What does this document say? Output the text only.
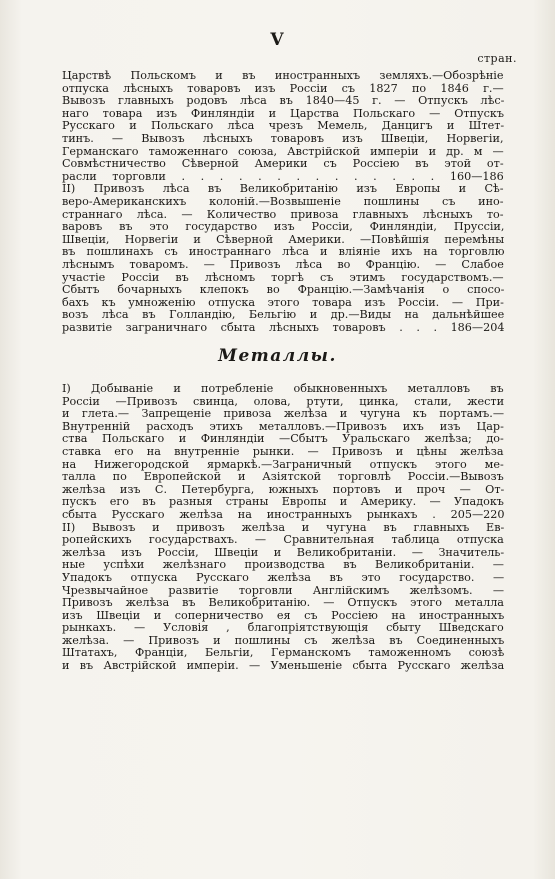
V
стран.
Царствѣ Польскомъ и въ иностранныхъ земляхъ.—Обозрѣніе
отпуска лѣсныхъ товаровъ изъ Россіи съ 1827 по 1846 г.—
Вывозъ главныхъ родовъ лѣса въ 1840—45 г. — Отпускъ лѣс-
наго товара изъ Финляндіи и Царства Польскаго — Отпускъ
Русскаго и Польскаго лѣса чрезъ Мемель, Данцигъ и Штет-
тинъ. — Вывозъ лѣсныхъ товаровъ изъ Швеціи, Норвегіи,
Германскаго таможеннаго союза, Австрійской имперіи и др. м —
Совмѣстничество Сѣверной Америки съ Россіею въ этой от-
расли торговли . . . . . . . . . . . . . . 160—186
II) Привозъ лѣса въ Великобританію изъ Европы и Сѣ-
веро-Американскихъ колоній.—Возвышеніе пошлины съ ино-
страннаго лѣса. — Количество привоза главныхъ лѣсныхъ то-
варовъ въ это государство изъ Россіи, Финляндіи, Пруссіи,
Швеціи, Норвегіи и Сѣверной Америки. —Повѣйшія перемѣны
въ пошлинахъ съ иностраннаго лѣса и вліяніе ихъ на торговлю
лѣснымъ товаромъ. — Привозъ лѣса во Францію. — Слабое
участіе Россіи въ лѣсномъ торгѣ съ этимъ государствомъ.—
Сбытъ бочарныхъ клепокъ во Францію.—Замѣчанія о спосо-
бахъ къ умноженію отпуска этого товара изъ Россіи. — При-
возъ лѣса въ Голландію, Бельгію и др.—Виды на дальнѣйшее
развитіе заграничнаго сбыта лѣсныхъ товаровъ . . . 186—204
Металлы.
I) Добываніе и потребленіе обыкновенныхъ металловъ въ
Россіи —Привозъ свинца, олова, ртути, цинка, стали, жести
и глета.— Запрещеніе привоза желѣза и чугуна къ портамъ.—
Внутренній расходъ этихъ металловъ.—Привозъ ихъ изъ Цар-
ства Польскаго и Финляндіи —Сбытъ Уральскаго желѣза; до-
ставка его на внутренніе рынки. — Привозъ и цѣны желѣза
на Нижегородской ярмаркѣ.—Заграничный отпускъ этого ме-
талла по Европейской и Азіятской торговлѣ Россіи.—Вывозъ
желѣза изъ С. Петербурга, южныхъ портовъ и проч — От-
пускъ его въ разныя страны Европы и Америку. — Упадокъ
сбыта Русскаго желѣза на иностранныхъ рынкахъ . 205—220
II) Вывозъ и привозъ желѣза и чугуна въ главныхъ Ев-
ропейскихъ государствахъ. — Сравнительная таблица отпуска
желѣза изъ Россіи, Швеціи и Великобританіи. — Значитель-
ные успѣхи желѣзнаго производства въ Великобританіи. —
Упадокъ отпуска Русскаго желѣза въ это государство. —
Чрезвычайное развитіе торговли Англійскимъ желѣзомъ. —
Привозъ желѣза въ Великобританію. — Отпускъ этого металла
изъ Швеціи и соперничество ея съ Россіею на иностранныхъ
рынкахъ. — Условія , благопріятствующія сбыту Шведскаго
желѣза. — Привозъ и пошлины съ желѣза въ Соединенныхъ
Штатахъ, Франціи, Бельгіи, Германскомъ таможенномъ союзѣ
и въ Австрійской имперіи. — Уменьшеніе сбыта Русскаго желѣза
